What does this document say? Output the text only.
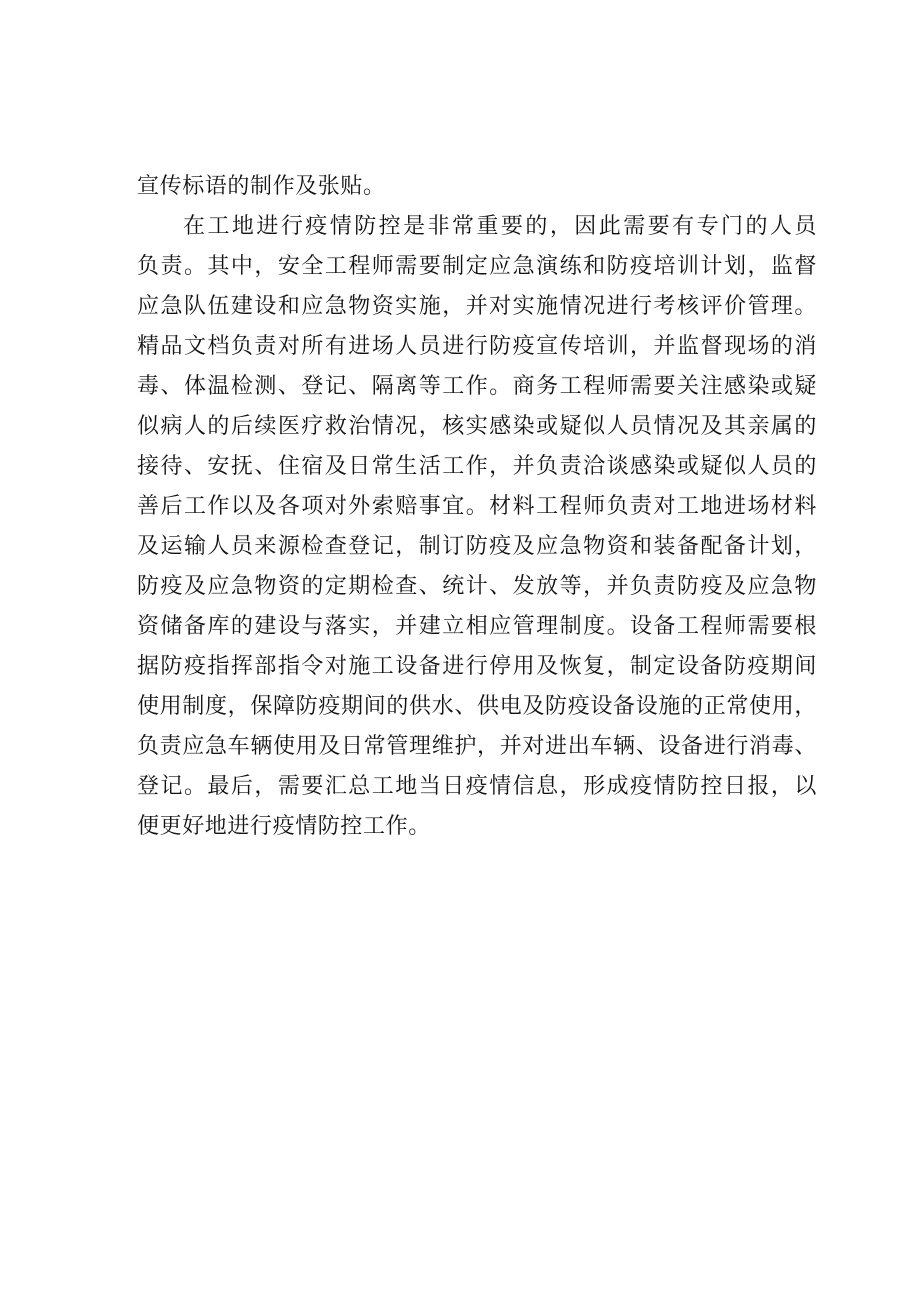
宣传标语的制作及张贴。
在工地进行疫情防控是非常重要的，因此需要有专门的人员
负责。其中，安全工程师需要制定应急演练和防疫培训计划，监督
应急队伍建设和应急物资实施，并对实施情况进行考核评价管理。
精品文档负责对所有进场人员进行防疫宣传培训，并监督现场的消
毒、体温检测、登记、隔离等工作。商务工程师需要关注感染或疑
似病人的后续医疗救治情况，核实感染或疑似人员情况及其亲属的
接待、安抚、住宿及日常生活工作，并负责洽谈感染或疑似人员的
善后工作以及各项对外索赔事宜。材料工程师负责对工地进场材料
及运输人员来源检查登记，制订防疫及应急物资和装备配备计划，
防疫及应急物资的定期检查、统计、发放等，并负责防疫及应急物
资储备库的建设与落实，并建立相应管理制度。设备工程师需要根
据防疫指挥部指令对施工设备进行停用及恢复，制定设备防疫期间
使用制度，保障防疫期间的供水、供电及防疫设备设施的正常使用，
负责应急车辆使用及日常管理维护，并对进出车辆、设备进行消毒、
登记。最后，需要汇总工地当日疫情信息，形成疫情防控日报，以
便更好地进行疫情防控工作。
